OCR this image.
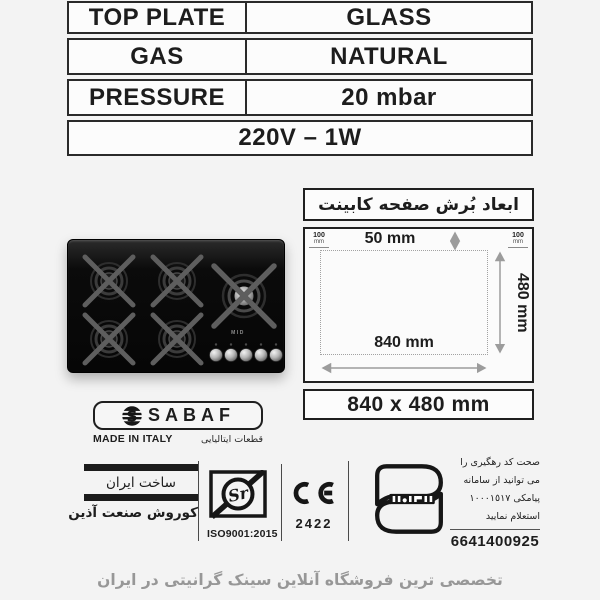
TOP PLATE	GLASS
GAS	NATURAL
PRESSURE	20 mbar
220V – 1W
MID
ابعاد بُرش صفحه کابینت
50 mm
100
mm
100
mm
480 mm
840 mm
840 x 480 mm
S SABAF
MADE IN ITALY	قطعات ایتالیایی
ساخت ایران
کوروش صنعت آذین
Sr
ISO9001:2015
2422
صحت کد رهگیری را
می توانید از سامانه
پیامکی ١٠٠٠١٥١٧
استعلام نمایید
6641400925
تخصصی ترین فروشگاه آنلاین سینک گرانیتی در ایران
